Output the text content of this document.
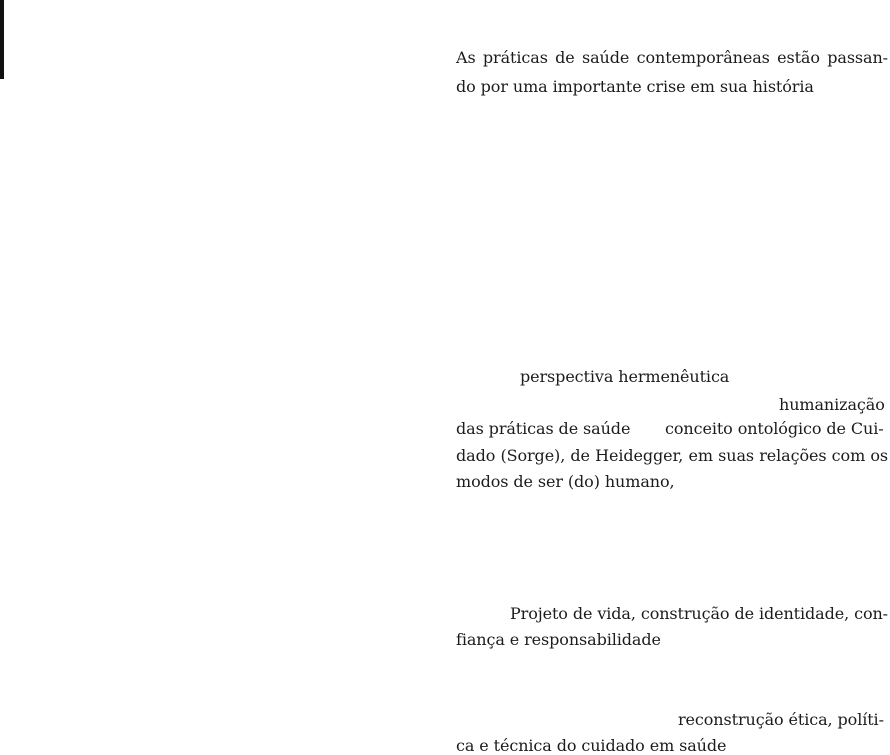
As práticas de saúde contemporâneas estão passan-
do por uma importante crise em sua história
perspectiva hermenêutica
humanização
das práticas de saúde conceito ontológico de Cui-
dado (Sorge), de Heidegger, em suas relações com os
modos de ser (do) humano,
Projeto de vida, construção de identidade, con-
fiança e responsabilidade
reconstrução ética, políti-
ca e técnica do cuidado em saúde
